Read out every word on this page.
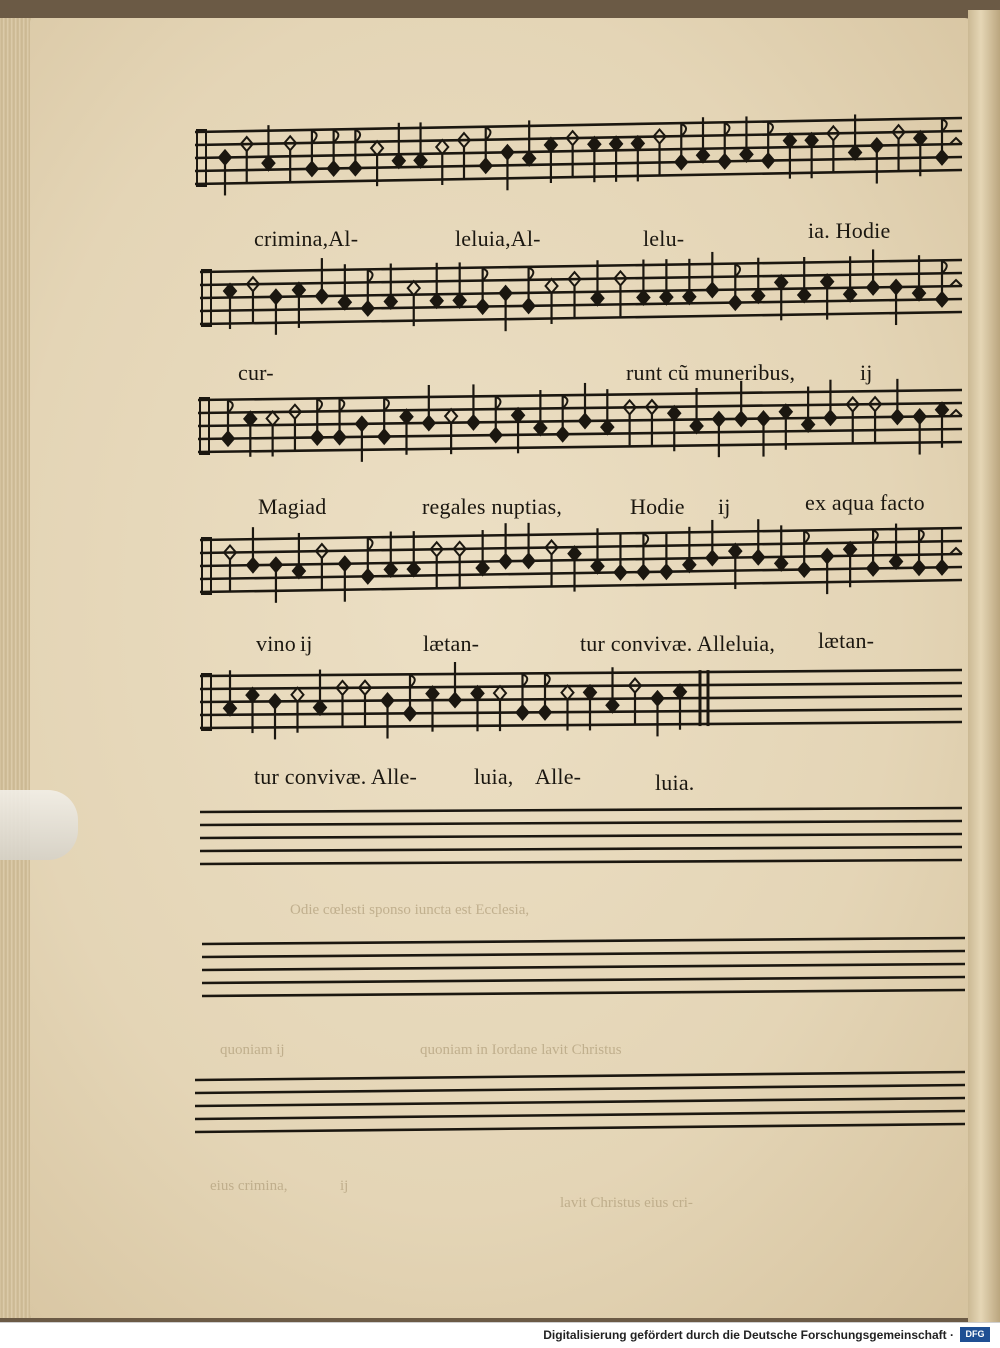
Odie cœlesti sponso iuncta est Ecclesia,
quoniam ij	quoniam in Iordane lavit Christus
eius crimina,	ij
lavit Christus eius cri-
crimina,Al-	leluia,Al-	lelu-	ia. Hodie
cur-	runt cũ muneribus,	ij
Magiad	regales nuptias,	Hodie ij	ex aqua facto
vino ij	lætan-	tur convivæ. Alleluia, lætan-
tur convivæ. Alle-	luia, Alle-	luia.
Digitalisierung gefördert durch die Deutsche Forschungsgemeinschaft ·	DFG
